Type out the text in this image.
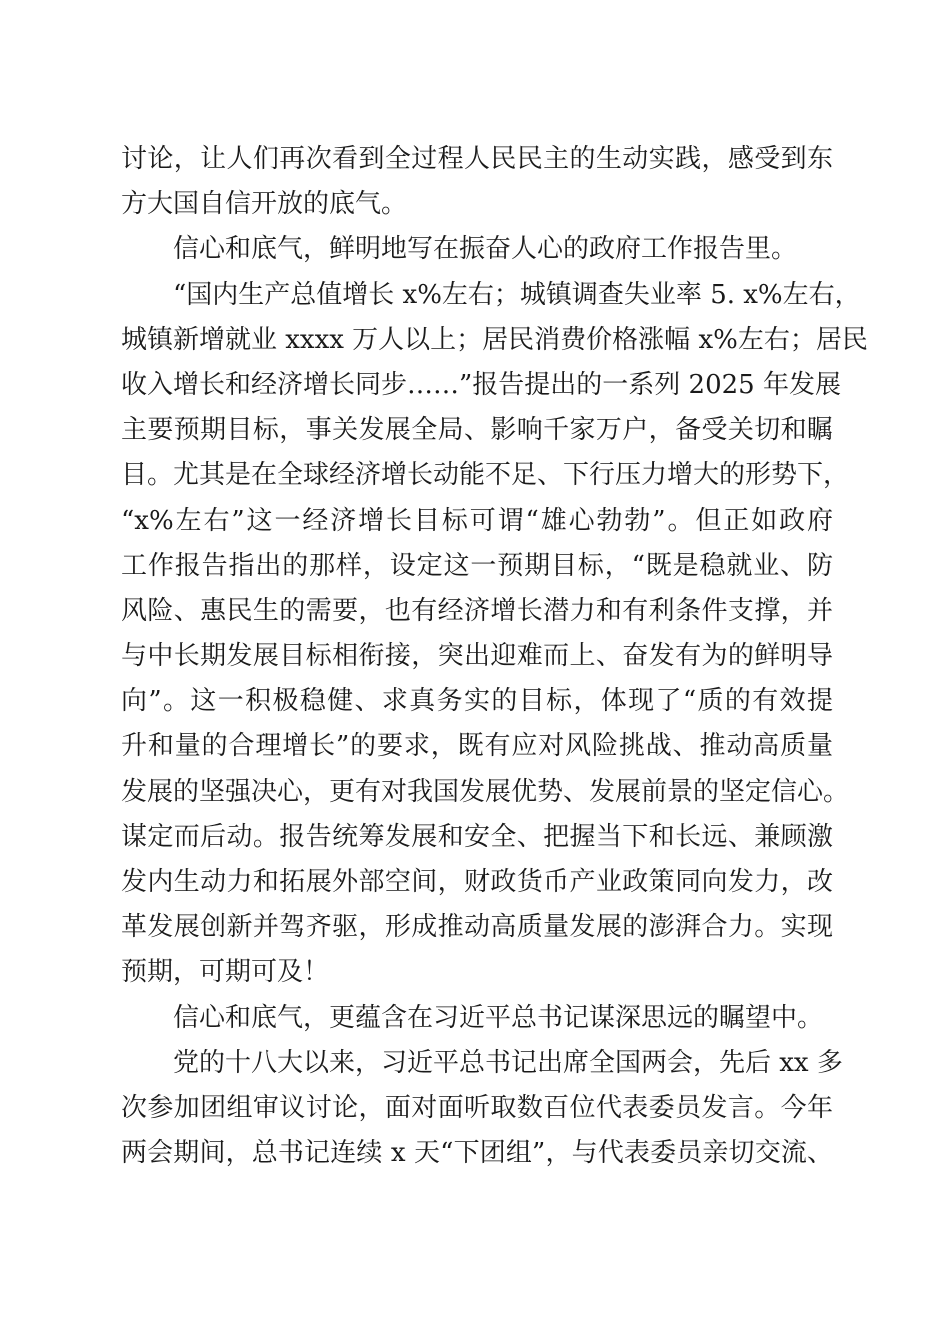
讨论，让人们再次看到全过程人民民主的生动实践，感受到东
方大国自信开放的底气。
信心和底气，鲜明地写在振奋人心的政府工作报告里。
“国内生产总值增长 x%左右；城镇调查失业率 5. x%左右，
城镇新增就业 xxxx 万人以上；居民消费价格涨幅 x%左右；居民
收入增长和经济增长同步……”报告提出的一系列 2025 年发展
主要预期目标，事关发展全局、影响千家万户，备受关切和瞩
目。尤其是在全球经济增长动能不足、下行压力增大的形势下，
“x%左右”这一经济增长目标可谓“雄心勃勃”。但正如政府
工作报告指出的那样，设定这一预期目标，“既是稳就业、防
风险、惠民生的需要，也有经济增长潜力和有利条件支撑，并
与中长期发展目标相衔接，突出迎难而上、奋发有为的鲜明导
向”。这一积极稳健、求真务实的目标，体现了“质的有效提
升和量的合理增长”的要求，既有应对风险挑战、推动高质量
发展的坚强决心，更有对我国发展优势、发展前景的坚定信心。
谋定而后动。报告统筹发展和安全、把握当下和长远、兼顾激
发内生动力和拓展外部空间，财政货币产业政策同向发力，改
革发展创新并驾齐驱，形成推动高质量发展的澎湃合力。实现
预期，可期可及！
信心和底气，更蕴含在习近平总书记谋深思远的瞩望中。
党的十八大以来，习近平总书记出席全国两会，先后 xx 多
次参加团组审议讨论，面对面听取数百位代表委员发言。今年
两会期间，总书记连续 x 天“下团组”，与代表委员亲切交流、
